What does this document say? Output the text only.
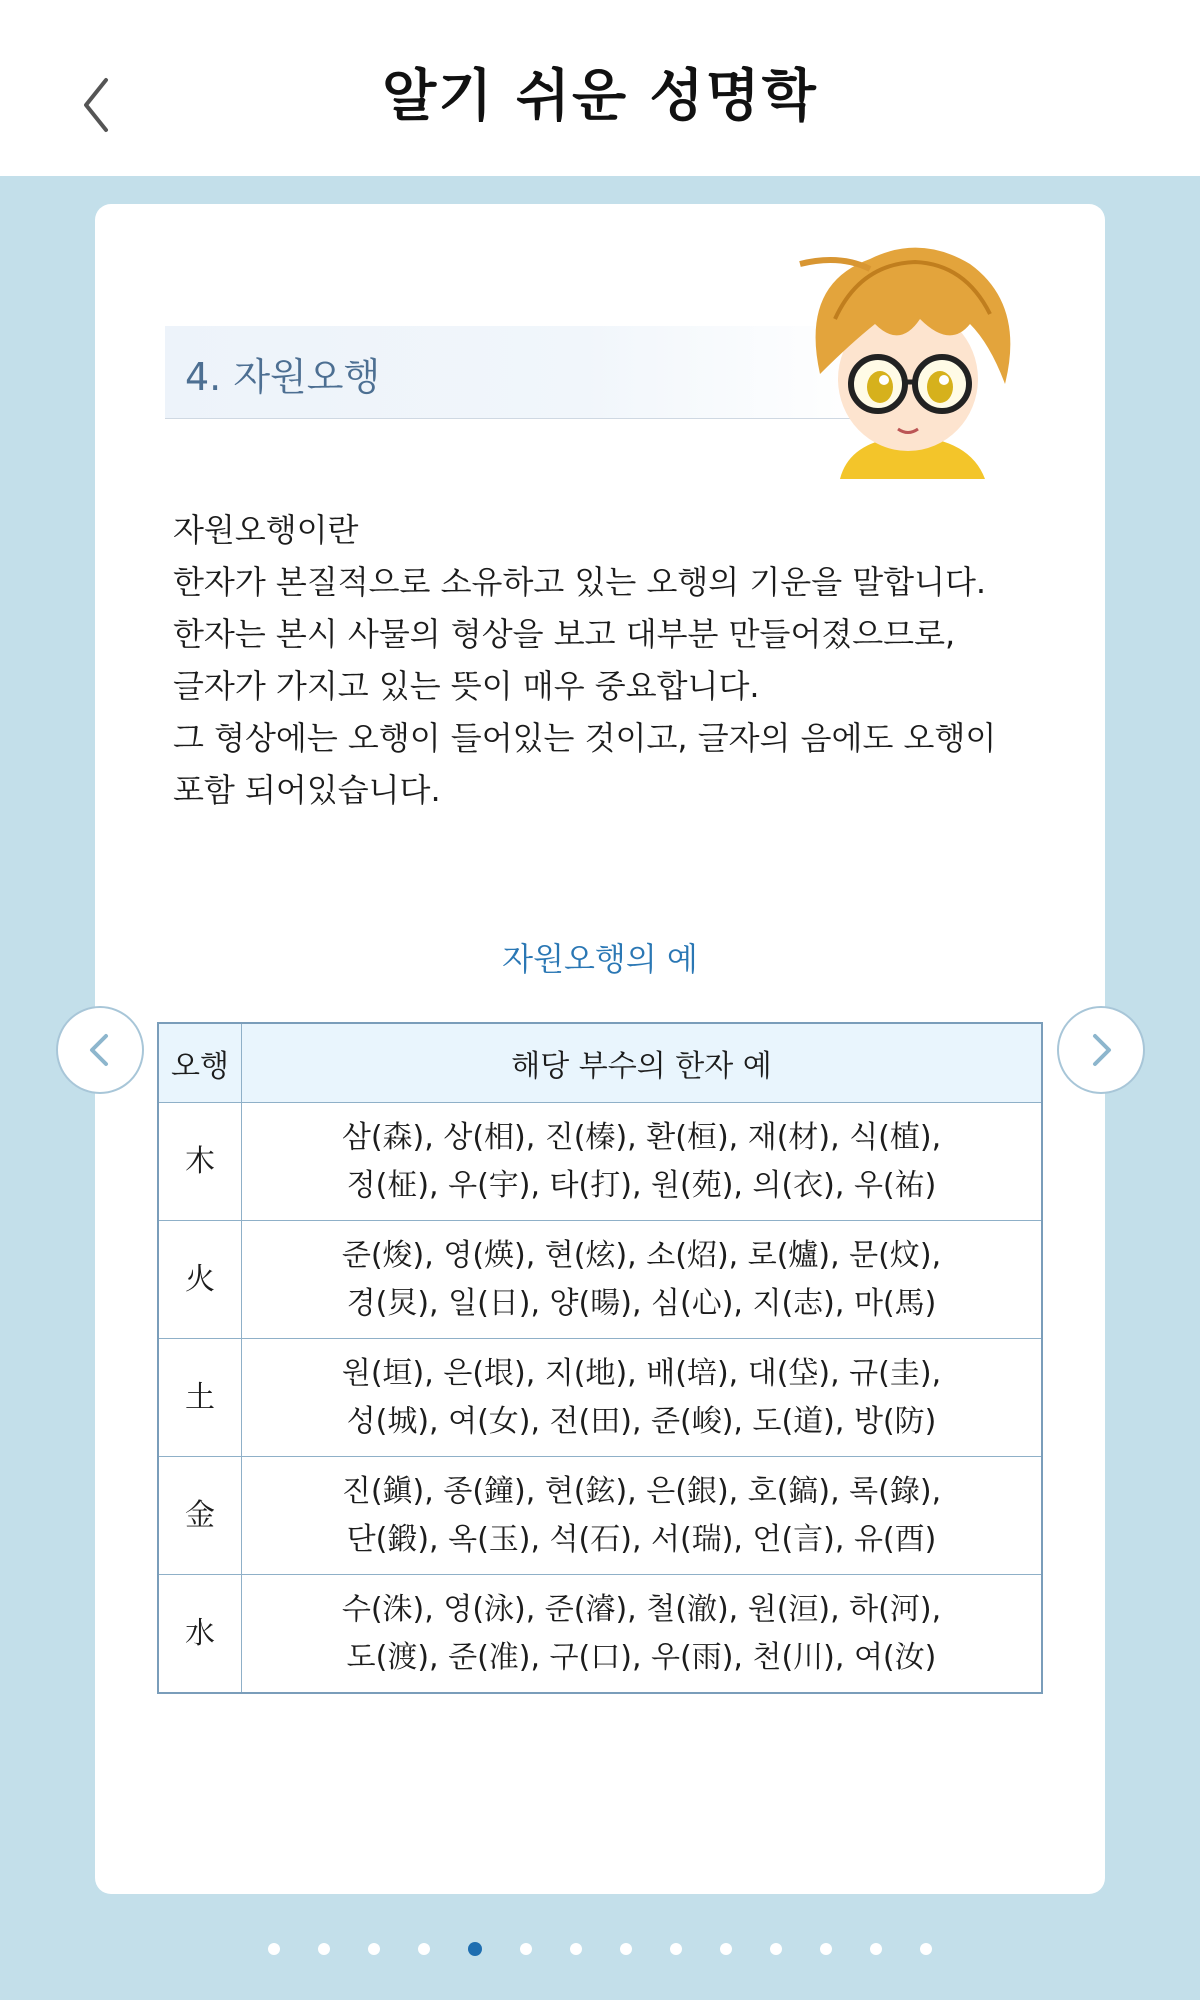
알기 쉬운 성명학
4. 자원오행
자원오행이란
한자가 본질적으로 소유하고 있는 오행의 기운을 말합니다.
한자는 본시 사물의 형상을 보고 대부분 만들어졌으므로,
글자가 가지고 있는 뜻이 매우 중요합니다.
그 형상에는 오행이 들어있는 것이고, 글자의 음에도 오행이
포함 되어있습니다.
자원오행의 예
오행	해당 부수의 한자 예
木	삼(森), 상(相), 진(榛), 환(桓), 재(材), 식(植),
정(柾), 우(宇), 타(打), 원(苑), 의(衣), 우(祐)

火	준(焌), 영(煐), 현(炫), 소(炤), 로(爐), 문(炆),
경(炅), 일(日), 양(暘), 심(心), 지(志), 마(馬)

土	원(垣), 은(垠), 지(地), 배(培), 대(垈), 규(圭),
성(城), 여(女), 전(田), 준(峻), 도(道), 방(防)

金	진(鎭), 종(鐘), 현(鉉), 은(銀), 호(鎬), 록(錄),
단(鍛), 옥(玉), 석(石), 서(瑞), 언(言), 유(酉)

水	수(洙), 영(泳), 준(濬), 철(澈), 원(洹), 하(河),
도(渡), 준(准), 구(口), 우(雨), 천(川), 여(汝)
